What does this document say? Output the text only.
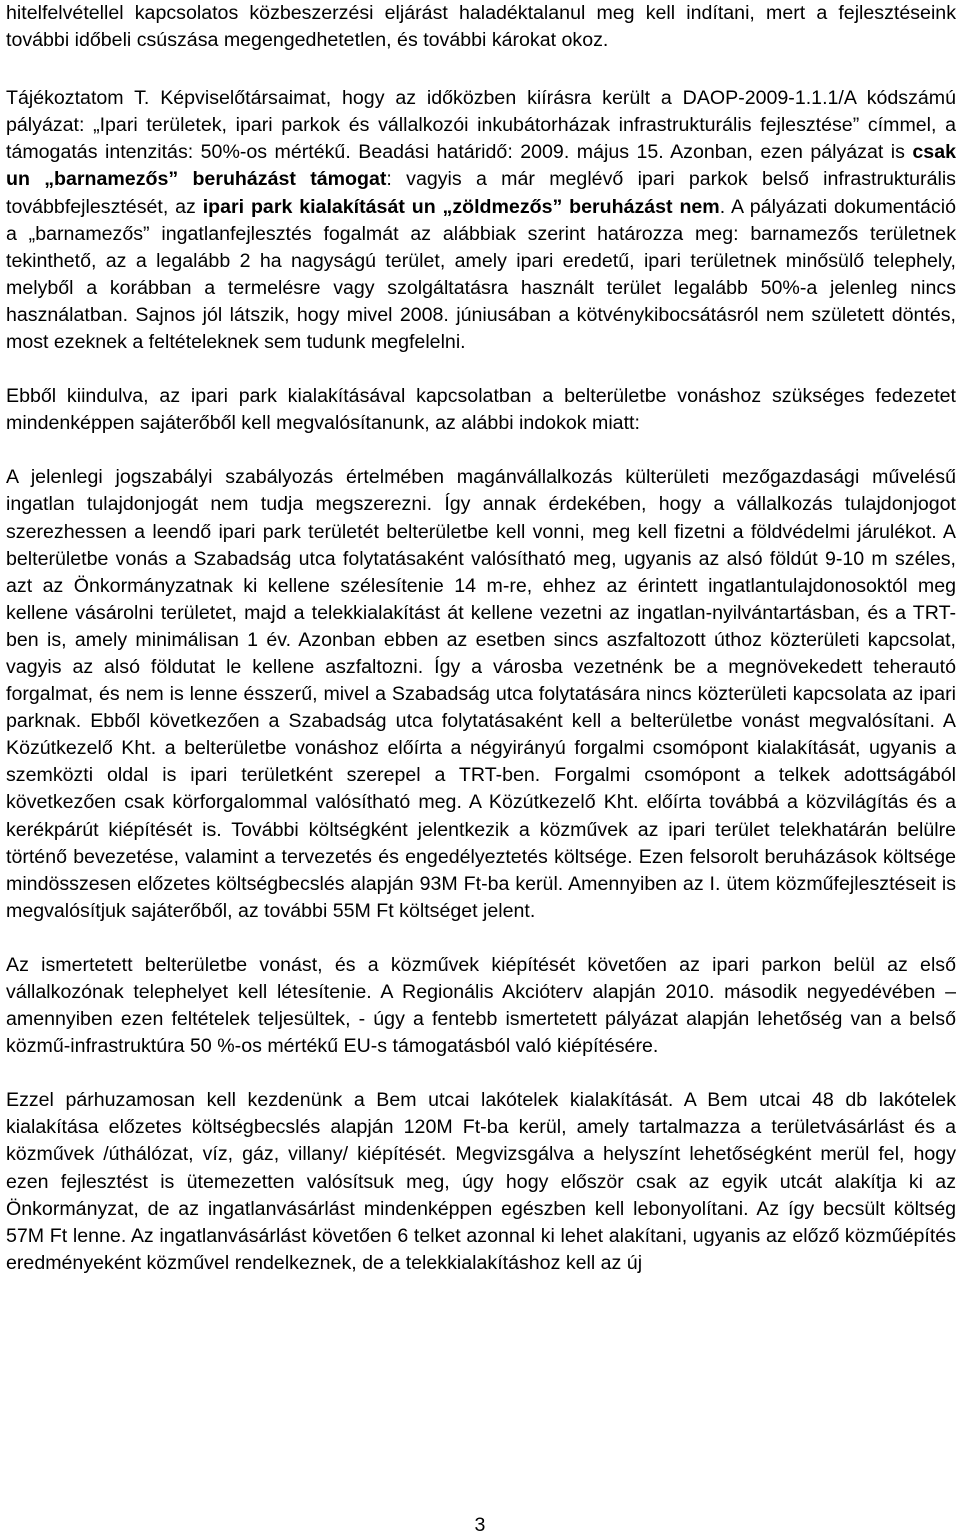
hitelfelvétellel kapcsolatos közbeszerzési eljárást haladéktalanul meg kell indítani, mert a fejlesztéseink további időbeli csúszása megengedhetetlen, és további károkat okoz.

Tájékoztatom T. Képviselőtársaimat, hogy az időközben kiírásra került a DAOP-2009-1.1.1/A kódszámú pályázat: „Ipari területek, ipari parkok és vállalkozói inkubátorházak infrastrukturális fejlesztése” címmel, a támogatás intenzitás: 50%-os mértékű. Beadási határidő: 2009. május 15. Azonban, ezen pályázat is csak un „barnamezős” beruházást támogat: vagyis a már meglévő ipari parkok belső infrastrukturális továbbfejlesztését, az ipari park kialakítását un „zöldmezős” beruházást nem. A pályázati dokumentáció a „barnamezős” ingatlanfejlesztés fogalmát az alábbiak szerint határozza meg: barnamezős területnek tekinthető, az a legalább 2 ha nagyságú terület, amely ipari eredetű, ipari területnek minősülő telephely, melyből a korábban a termelésre vagy szolgáltatásra használt terület legalább 50%-a jelenleg nincs használatban. Sajnos jól látszik, hogy mivel 2008. júniusában a kötvénykibocsátásról nem született döntés, most ezeknek a feltételeknek sem tudunk megfelelni.

Ebből kiindulva, az ipari park kialakításával kapcsolatban a belterületbe vonáshoz szükséges fedezetet mindenképpen sajáterőből kell megvalósítanunk, az alábbi indokok miatt:

A jelenlegi jogszabályi szabályozás értelmében magánvállalkozás külterületi mezőgazdasági művelésű ingatlan tulajdonjogát nem tudja megszerezni. Így annak érdekében, hogy a vállalkozás tulajdonjogot szerezhessen a leendő ipari park területét belterületbe kell vonni, meg kell fizetni a földvédelmi járulékot. A belterületbe vonás a Szabadság utca folytatásaként valósítható meg, ugyanis az alsó földút 9-10 m széles, azt az Önkormányzatnak ki kellene szélesítenie 14 m-re, ehhez az érintett ingatlantulajdonosoktól meg kellene vásárolni területet, majd a telekkialakítást át kellene vezetni az ingatlan-nyilvántartásban, és a TRT-ben is, amely minimálisan 1 év. Azonban ebben az esetben sincs aszfaltozott úthoz közterületi kapcsolat, vagyis az alsó földutat le kellene aszfaltozni. Így a városba vezetnénk be a megnövekedett teherautó forgalmat, és nem is lenne ésszerű, mivel a Szabadság utca folytatására nincs közterületi kapcsolata az ipari parknak. Ebből következően a Szabadság utca folytatásaként kell a belterületbe vonást megvalósítani. A Közútkezelő Kht. a belterületbe vonáshoz előírta a négyirányú forgalmi csomópont kialakítását, ugyanis a szemközti oldal is ipari területként szerepel a TRT-ben. Forgalmi csomópont a telkek adottságából következően csak körforgalommal valósítható meg. A Közútkezelő Kht. előírta továbbá a közvilágítás és a kerékpárút kiépítését is. További költségként jelentkezik a közművek az ipari terület telekhatárán belülre történő bevezetése, valamint a tervezetés és engedélyeztetés költsége. Ezen felsorolt beruházások költsége mindösszesen előzetes költségbecslés alapján 93M Ft-ba kerül. Amennyiben az I. ütem közműfejlesztéseit is megvalósítjuk sajáterőből, az további 55M Ft költséget jelent.

Az ismertetett belterületbe vonást, és a közművek kiépítését követően az ipari parkon belül az első vállalkozónak telephelyet kell létesítenie. A Regionális Akcióterv alapján 2010. második negyedévében – amennyiben ezen feltételek teljesültek, - úgy a fentebb ismertetett pályázat alapján lehetőség van a belső közmű-infrastruktúra 50 %-os mértékű EU-s támogatásból való kiépítésére.

Ezzel párhuzamosan kell kezdenünk a Bem utcai lakótelek kialakítását. A Bem utcai 48 db lakótelek kialakítása előzetes költségbecslés alapján 120M Ft-ba kerül, amely tartalmazza a területvásárlást és a közművek /úthálózat, víz, gáz, villany/ kiépítését. Megvizsgálva a helyszínt lehetőségként merül fel, hogy ezen fejlesztést is ütemezetten valósítsuk meg, úgy hogy először csak az egyik utcát alakítja ki az Önkormányzat, de az ingatlanvásárlást mindenképpen egészben kell lebonyolítani. Az így becsült költség 57M Ft lenne. Az ingatlanvásárlást követően 6 telket azonnal ki lehet alakítani, ugyanis az előző közműépítés eredményeként közművel rendelkeznek, de a telekkialakításhoz kell az új

3
